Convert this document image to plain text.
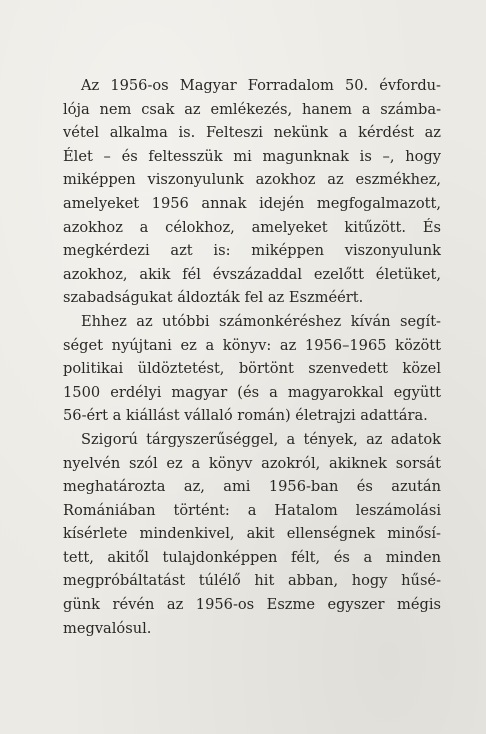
Az 1956-os Magyar Forradalom 50. évfordu-
lója nem csak az emlékezés, hanem a számba-
vétel alkalma is. Felteszi nekünk a kérdést az
Élet – és feltesszük mi magunknak is –, hogy
miképpen viszonyulunk azokhoz az eszmékhez,
amelyeket 1956 annak idején megfogalmazott,
azokhoz a célokhoz, amelyeket kitűzött. És
megkérdezi azt is: miképpen viszonyulunk
azokhoz, akik fél évszázaddal ezelőtt életüket,
szabadságukat áldozták fel az Eszméért.
Ehhez az utóbbi számonkéréshez kíván segít-
séget nyújtani ez a könyv: az 1956–1965 között
politikai üldöztetést, börtönt szenvedett közel
1500 erdélyi magyar (és a magyarokkal együtt
56-ért a kiállást vállaló román) életrajzi adattára.
Szigorú tárgyszerűséggel, a tények, az adatok
nyelvén szól ez a könyv azokról, akiknek sorsát
meghatározta az, ami 1956-ban és azután
Romániában történt: a Hatalom leszámolási
kísérlete mindenkivel, akit ellenségnek minősí-
tett, akitől tulajdonképpen félt, és a minden
megpróbáltatást túlélő hit abban, hogy hűsé-
günk révén az 1956-os Eszme egyszer mégis
megvalósul.
